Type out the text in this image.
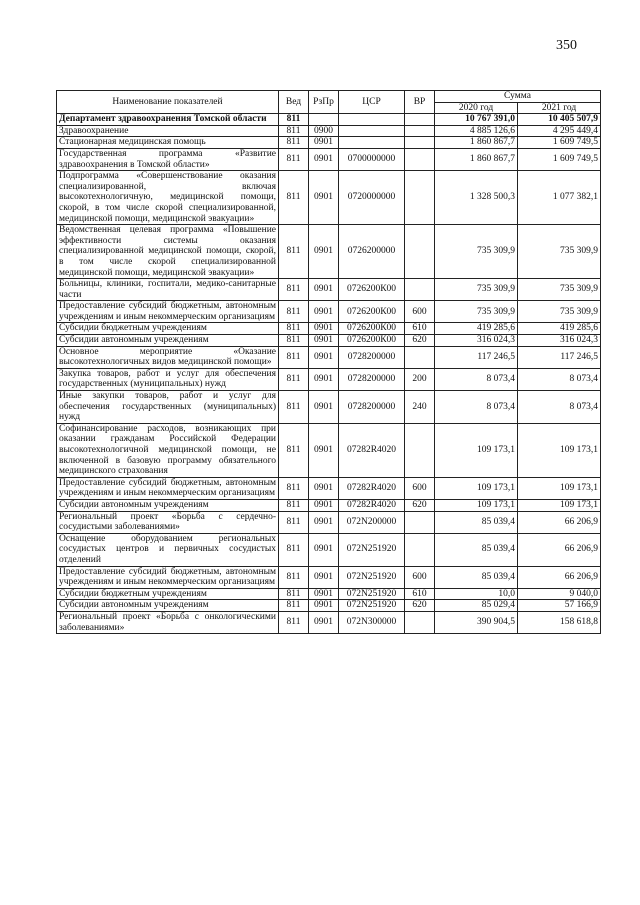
350
Наименование показателей	Вед	РзПр	ЦСР	ВР	Сумма	
					2020 год	2021 год
Департамент здравоохранения Томской области	811				10 767 391,0	10 405 507,9
Здравоохранение	811	0900			4 885 126,6	4 295 449,4
Стационарная медицинская помощь	811	0901			1 860 867,7	1 609 749,5
Государственная программа «Развитие здравоохранения в Томской области»	811	0901	0700000000		1 860 867,7	1 609 749,5
Подпрограмма «Совершенствование оказания специализированной, включая высокотехнологичную, медицинской помощи, скорой, в том числе скорой специализированной, медицинской помощи, медицинской эвакуации»	811	0901	0720000000		1 328 500,3	1 077 382,1
Ведомственная целевая программа «Повышение эффективности системы оказания специализированной медицинской помощи, скорой, в том числе скорой специализированной медицинской помощи, медицинской эвакуации»	811	0901	0726200000		735 309,9	735 309,9
Больницы, клиники, госпитали, медико-санитарные части	811	0901	0726200К00		735 309,9	735 309,9
Предоставление субсидий бюджетным, автономным учреждениям и иным некоммерческим организациям	811	0901	0726200К00	600	735 309,9	735 309,9
Субсидии бюджетным учреждениям	811	0901	0726200К00	610	419 285,6	419 285,6
Субсидии автономным учреждениям	811	0901	0726200К00	620	316 024,3	316 024,3
Основное мероприятие «Оказание высокотехнологичных видов медицинской помощи»	811	0901	0728200000		117 246,5	117 246,5
Закупка товаров, работ и услуг для обеспечения государственных (муниципальных) нужд	811	0901	0728200000	200	8 073,4	8 073,4
Иные закупки товаров, работ и услуг для обеспечения государственных (муниципальных) нужд	811	0901	0728200000	240	8 073,4	8 073,4
Софинансирование расходов, возникающих при оказании гражданам Российской Федерации высокотехнологичной медицинской помощи, не включенной в базовую программу обязательного медицинского страхования	811	0901	07282R4020		109 173,1	109 173,1
Предоставление субсидий бюджетным, автономным учреждениям и иным некоммерческим организациям	811	0901	07282R4020	600	109 173,1	109 173,1
Субсидии автономным учреждениям	811	0901	07282R4020	620	109 173,1	109 173,1
Региональный проект «Борьба с сердечно-сосудистыми заболеваниями»	811	0901	072N200000		85 039,4	66 206,9
Оснащение оборудованием региональных сосудистых центров и первичных сосудистых отделений	811	0901	072N251920		85 039,4	66 206,9
Предоставление субсидий бюджетным, автономным учреждениям и иным некоммерческим организациям	811	0901	072N251920	600	85 039,4	66 206,9
Субсидии бюджетным учреждениям	811	0901	072N251920	610	10,0	9 040,0
Субсидии автономным учреждениям	811	0901	072N251920	620	85 029,4	57 166,9
Региональный проект «Борьба с онкологическими заболеваниями»	811	0901	072N300000		390 904,5	158 618,8
